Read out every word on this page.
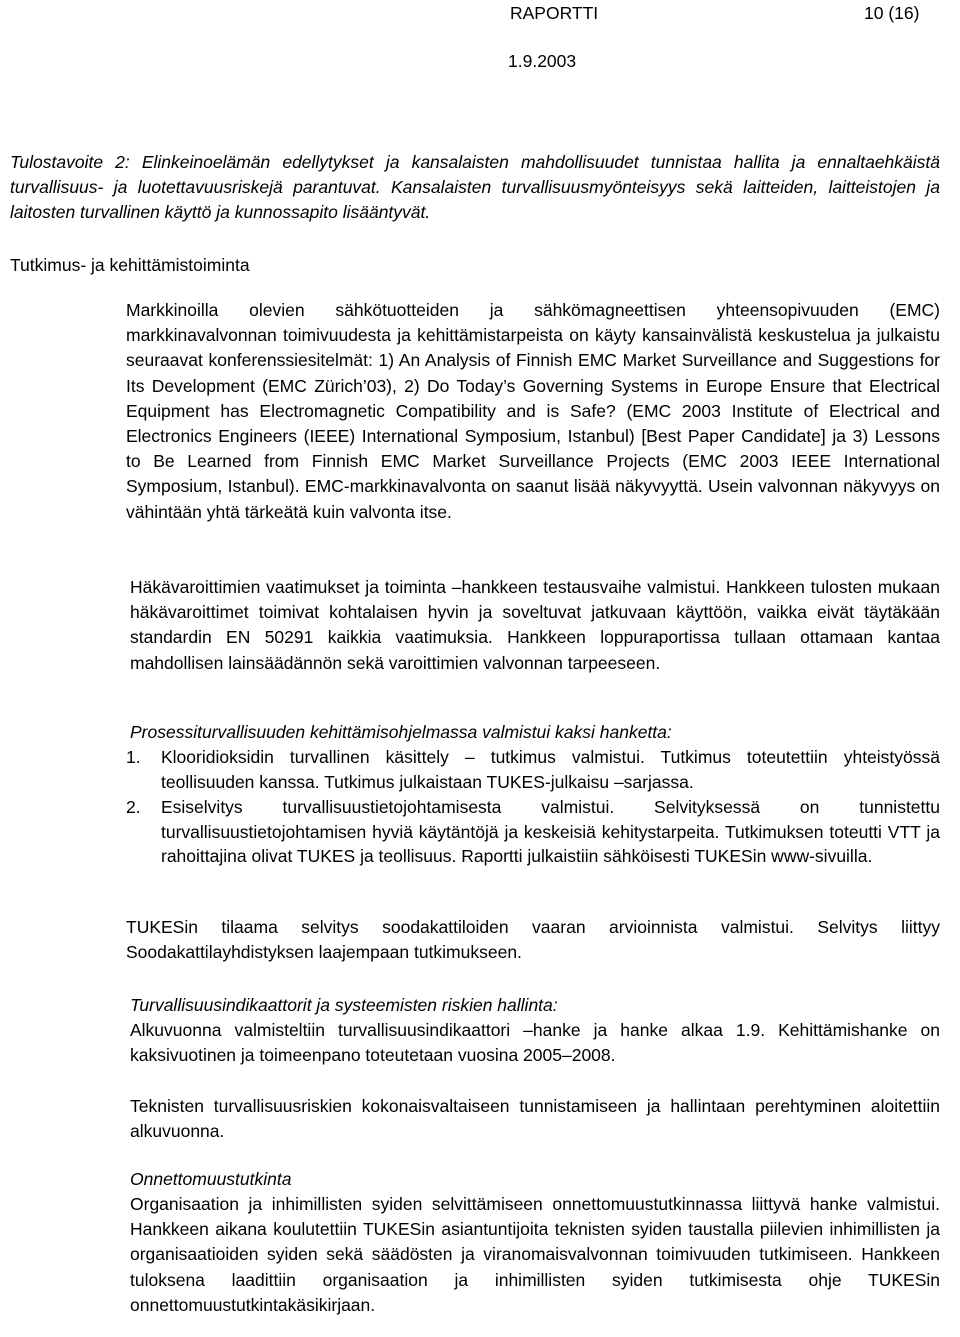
RAPORTTI	10 (16)
1.9.2003
Tulostavoite 2: Elinkeinoelämän edellytykset ja kansalaisten mahdollisuudet tunnistaa hallita ja ennaltaehkäistä turvallisuus- ja luotettavuusriskejä parantuvat. Kansalaisten turvallisuusmyönteisyys sekä laitteiden, laitteistojen ja laitosten turvallinen käyttö ja kunnossapito lisääntyvät.
Tutkimus- ja kehittämistoiminta
Markkinoilla olevien sähkötuotteiden ja sähkömagneettisen yhteensopivuuden (EMC) markkinavalvonnan toimivuudesta ja kehittämistarpeista on käyty kansainvälistä keskustelua ja julkaistu seuraavat konferenssiesitelmät: 1) An Analysis of Finnish EMC Market Surveillance and Suggestions for Its Development (EMC Zürich’03), 2) Do Today’s Governing Systems in Europe Ensure that Electrical Equipment has Electromagnetic Compatibility and is Safe? (EMC 2003 Institute of Electrical and Electronics Engineers (IEEE) International Symposium, Istanbul) [Best Paper Candidate] ja 3) Lessons to Be Learned from Finnish EMC Market Surveillance Projects (EMC 2003 IEEE International Symposium, Istanbul). EMC-markkinavalvonta on saanut lisää näkyvyyttä. Usein valvonnan näkyvyys on vähintään yhtä tärkeätä kuin valvonta itse.
Häkävaroittimien vaatimukset ja toiminta –hankkeen testausvaihe valmistui. Hankkeen tulosten mukaan häkävaroittimet toimivat kohtalaisen hyvin ja soveltuvat jatkuvaan käyttöön, vaikka eivät täytäkään standardin EN 50291 kaikkia vaatimuksia. Hankkeen loppuraportissa tullaan ottamaan kantaa mahdollisen lainsäädännön sekä varoittimien valvonnan tarpeeseen.
Prosessiturvallisuuden kehittämisohjelmassa valmistui kaksi hanketta:
1. Klooridioksidin turvallinen käsittely – tutkimus valmistui. Tutkimus toteutettiin yhteistyössä teollisuuden kanssa. Tutkimus julkaistaan TUKES-julkaisu –sarjassa.
2. Esiselvitys turvallisuustietojohtamisesta valmistui. Selvityksessä on tunnistettu turvallisuustietojohtamisen hyviä käytäntöjä ja keskeisiä kehitystarpeita. Tutkimuksen toteutti VTT ja rahoittajina olivat TUKES ja teollisuus. Raportti julkaistiin sähköisesti TUKESin www-sivuilla.
TUKESin tilaama selvitys soodakattiloiden vaaran arvioinnista valmistui. Selvitys liittyy Soodakattilayhdistyksen laajempaan tutkimukseen.
Turvallisuusindikaattorit ja systeemisten riskien hallinta:
Alkuvuonna valmisteltiin turvallisuusindikaattori –hanke ja hanke alkaa 1.9. Kehittämishanke on kaksivuotinen ja toimeenpano toteutetaan vuosina 2005–2008.
Teknisten turvallisuusriskien kokonaisvaltaiseen tunnistamiseen ja hallintaan perehtyminen aloitettiin alkuvuonna.
Onnettomuustutkinta
Organisaation ja inhimillisten syiden selvittämiseen onnettomuustutkinnassa liittyvä hanke valmistui. Hankkeen aikana koulutettiin TUKESin asiantuntijoita teknisten syiden taustalla piilevien inhimillisten ja organisaatioiden syiden sekä säädösten ja viranomaisvalvonnan toimivuuden tutkimiseen. Hankkeen tuloksena laadittiin organisaation ja inhimillisten syiden tutkimisesta ohje TUKESin onnettomuustutkintakäsikirjaan.
